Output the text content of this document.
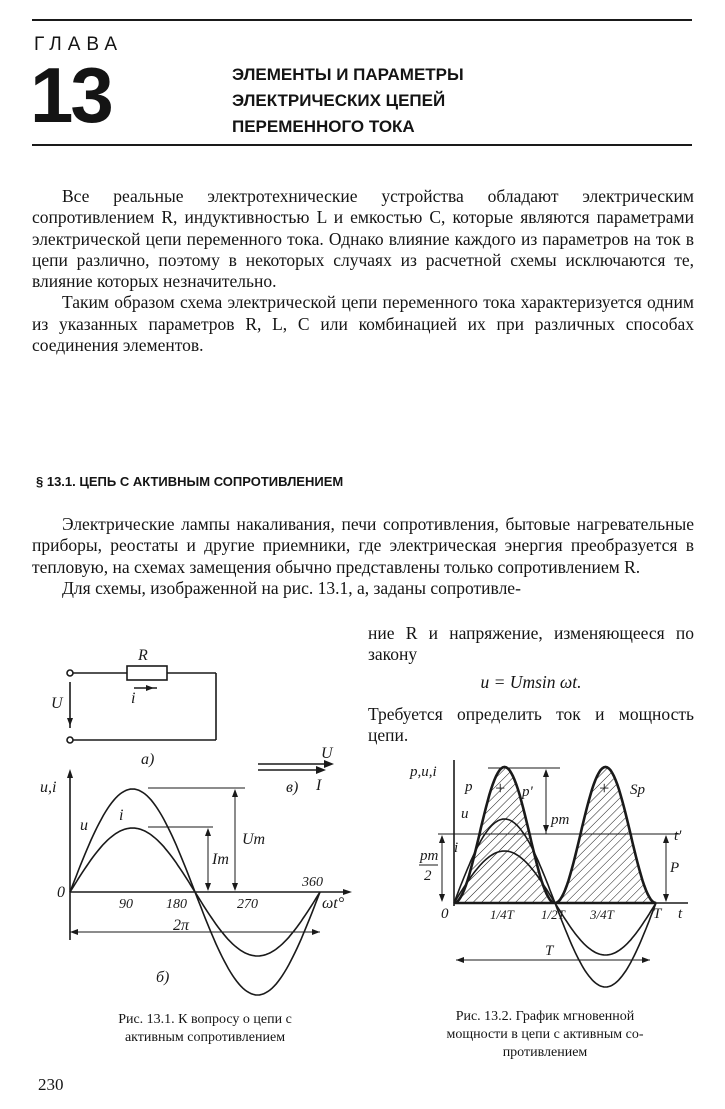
ГЛАВА
13	ЭЛЕМЕНТЫ И ПАРАМЕТРЫ
ЭЛЕКТРИЧЕСКИХ ЦЕПЕЙ
ПЕРЕМЕННОГО ТОКА

Все реальные электротехнические устройства обладают электрическим сопротивлением R, индуктивностью L и емкостью C, которые являются параметрами электрической цепи переменного тока. Однако влияние каждого из параметров на ток в цепи различно, поэтому в некоторых случаях из расчетной схемы исключаются те, влияние которых незначительно.

Таким образом схема электрической цепи переменного тока характеризуется одним из указанных параметров R, L, C или комбинацией их при различных способах соединения элементов.

§ 13.1. ЦЕПЬ С АКТИВНЫМ СОПРОТИВЛЕНИЕМ

Электрические лампы накаливания, печи сопротивления, бытовые нагревательные приборы, реостаты и другие приемники, где электрическая энергия преобразуется в тепловую, на схемах замещения обычно представлены только сопротивлением R.

Для схемы, изображенной на рис. 13.1, а, заданы сопротивле-

ние R и напряжение, изменяющееся по закону
u = Umsin ωt.
Требуется определить ток и мощность цепи.
R
i
U
a)
u,i
u
i
Im
Um
0
90 180	270
360
ωt°
2π
U
I
в)
б)
Рис. 13.1. К вопросу о цепи с
активным сопротивлением
p,u,i
p	p'
+	+ Sp
u
i
pm
pm
2	P
t'
0	1/4T 1/2T 3/4T	T t
T
Рис. 13.2. График мгновенной
мощности в цепи с активным со-
противлением
230
